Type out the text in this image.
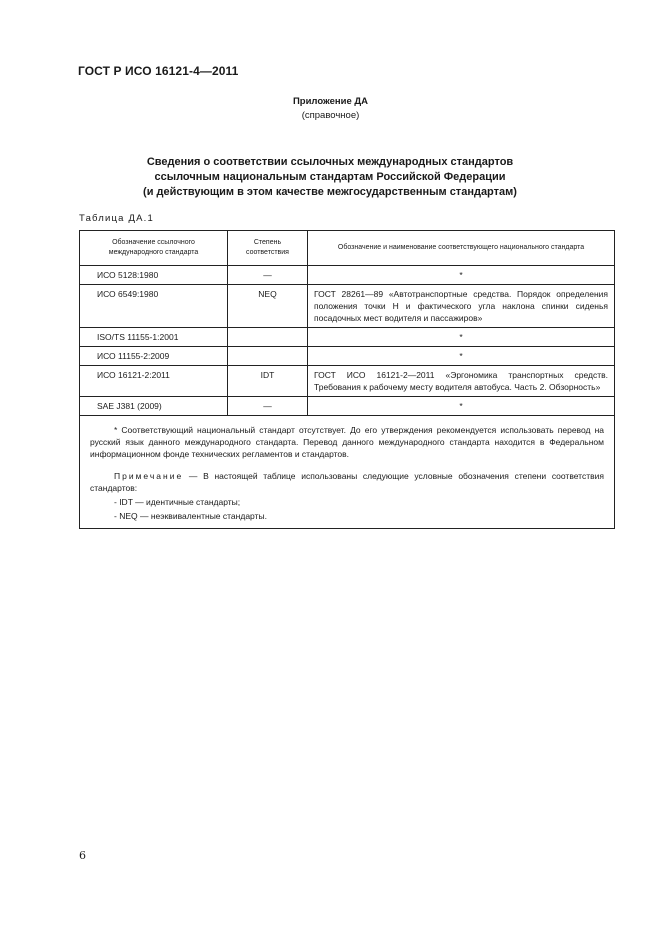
ГОСТ Р ИСО 16121-4—2011
Приложение ДА
(справочное)
Сведения о соответствии ссылочных международных стандартов
ссылочным национальным стандартам Российской Федерации
(и действующим в этом качестве межгосударственным стандартам)
Таблица ДА.1
Обозначение ссылочного международного стандарта	Степень соответствия	Обозначение и наименование соответствующего национального стандарта
ИСО 5128:1980	—	*
ИСО 6549:1980	NEQ	ГОСТ 28261—89 «Автотранспортные средства. Порядок определения положения точки Н и фактического угла наклона спинки сиденья посадочных мест водителя и пассажиров»
ISO/TS 11155-1:2001		*
ИСО 11155-2:2009		*
ИСО 16121-2:2011	IDT	ГОСТ ИСО 16121-2—2011 «Эргономика транспортных средств. Требования к рабочему месту водителя автобуса. Часть 2. Обзорность»
SAE J381 (2009)	—	*

* Соответствующий национальный стандарт отсутствует. До его утверждения рекомендуется использовать перевод на русский язык данного международного стандарта. Перевод данного международного стандарта находится в Федеральном информационном фонде технических регламентов и стандартов.

Примечание — В настоящей таблице использованы следующие условные обозначения степени соответствия стандартов:

- IDT — идентичные стандарты;

- NEQ — неэквивалентные стандарты.		

6
